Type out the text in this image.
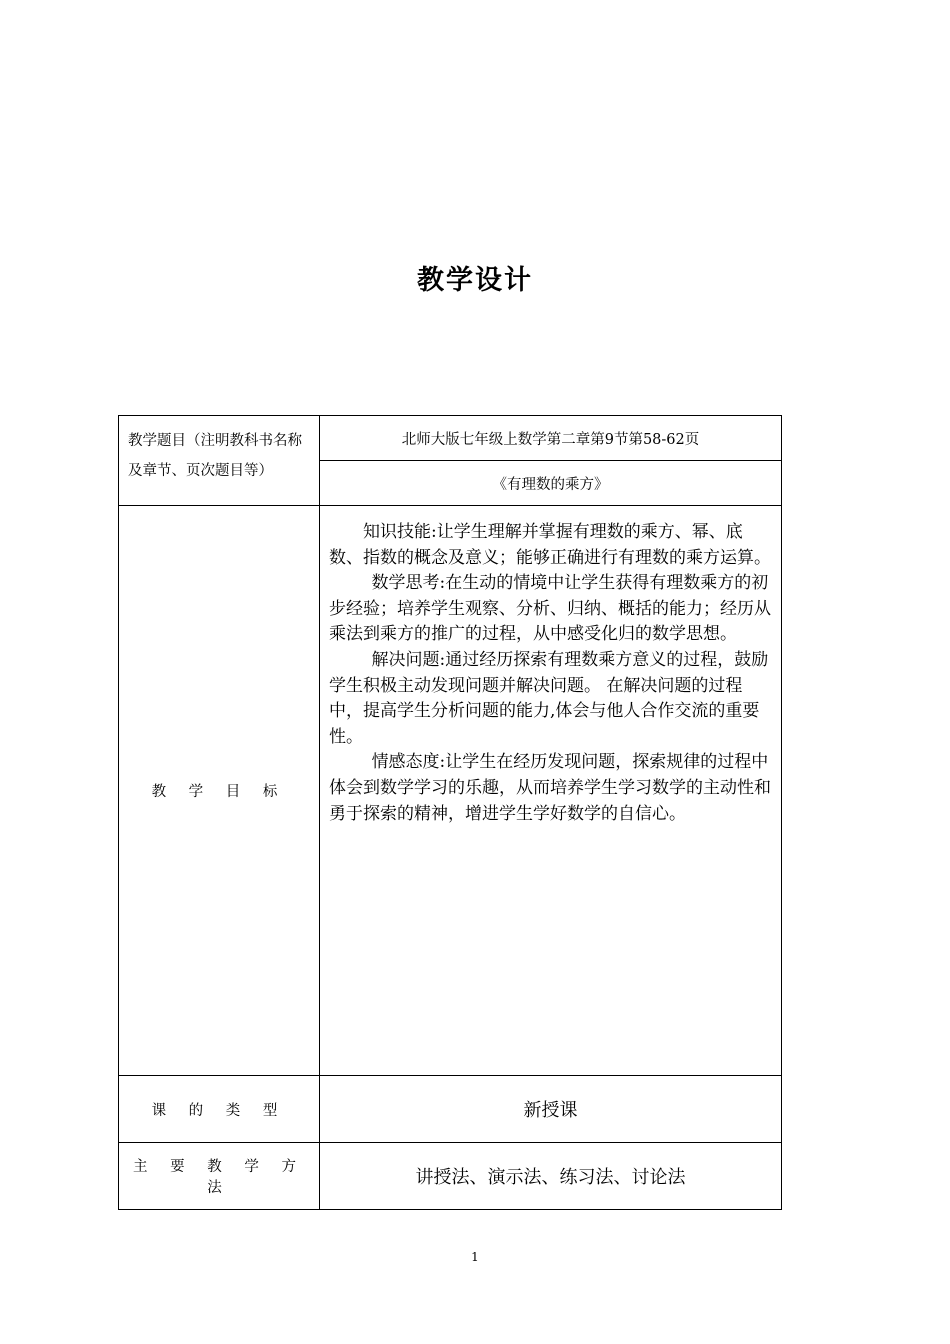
教学设计
教学题目（注明教科书名称及章节、页次题目等）	北师大版七年级上数学第二章第9节第58-62页
	《有理数的乘方》
教 学 目 标	知识技能:让学生理解并掌握有理数的乘方、幂、底数、指数的概念及意义；能够正确进行有理数的乘方运算。

数学思考:在生动的情境中让学生获得有理数乘方的初步经验；培养学生观察、分析、归纳、概括的能力；经历从乘法到乘方的推广的过程，从中感受化归的数学思想。

解决问题:通过经历探索有理数乘方意义的过程，鼓励学生积极主动发现问题并解决问题。 在解决问题的过程中，提高学生分析问题的能力,体会与他人合作交流的重要性。

情感态度:让学生在经历发现问题，探索规律的过程中体会到数学学习的乐趣，从而培养学生学习数学的主动性和勇于探索的精神，增进学生学好数学的自信心。

课 的 类 型	新授课
主 要 教 学 方 法	讲授法、演示法、练习法、讨论法
1
